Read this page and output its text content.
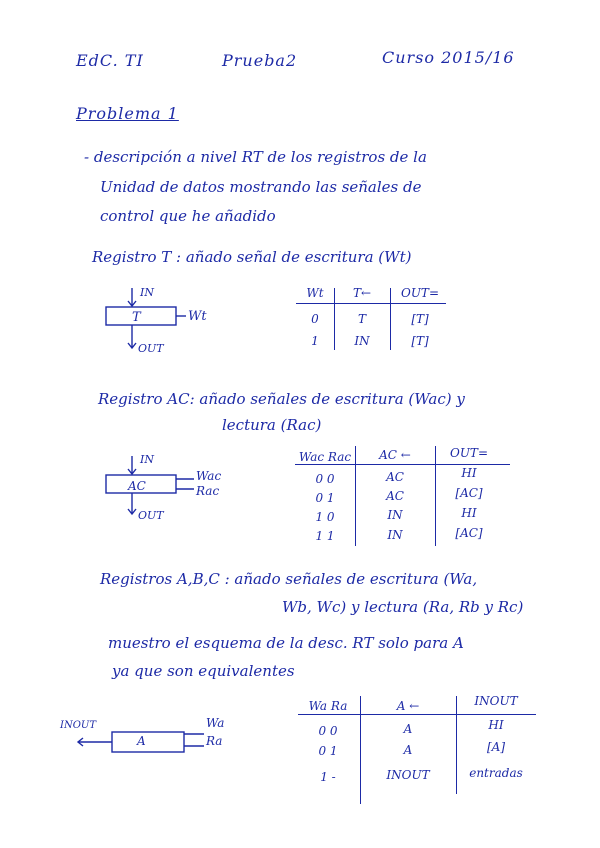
EdC. TI	Prueba2	Curso 2015/16
Problema 1
- descripción a nivel RT de los registros de la
Unidad de datos mostrando las señales de
control que he añadido
Registro T : añado señal de escritura (Wt)
IN
T	Wt
OUT
Wt	T←	OUT=
0	T	[T]
1	IN	[T]
Registro AC: añado señales de escritura (Wac) y
lectura (Rac)
IN
AC
Wac
Rac
OUT
Wac Rac	AC ←	OUT=
0 0	AC	HI
0 1	AC	[AC]
1 0	IN	HI
1 1	IN	[AC]
Registros A,B,C : añado señales de escritura (Wa,
Wb, Wc) y lectura (Ra, Rb y Rc)
muestro el esquema de la desc. RT solo para A
ya que son equivalentes
INOUT
A
Wa
Ra
Wa Ra	A ←	INOUT
0 0	A	HI
0 1	A	[A]
1 -	INOUT	entradas
